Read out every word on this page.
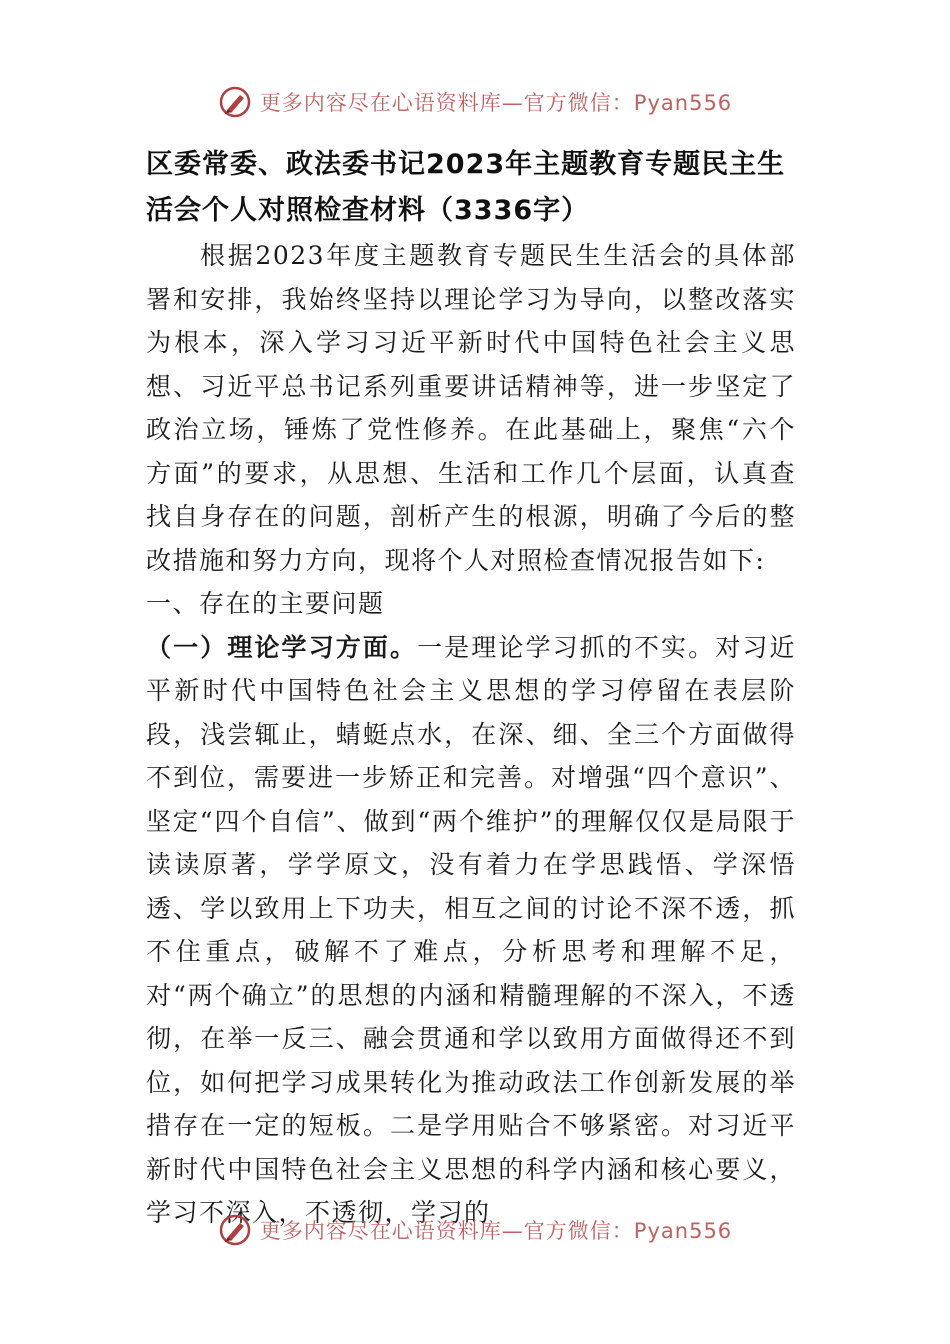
更多内容尽在心语资料库—官方微信：Pyan556
区委常委、政法委书记2023年主题教育专题民主生活会个人对照检查材料（3336字）

根据2023年度主题教育专题民生生活会的具体部署和安排，我始终坚持以理论学习为导向，以整改落实为根本，深入学习习近平新时代中国特色社会主义思想、习近平总书记系列重要讲话精神等，进一步坚定了政治立场，锤炼了党性修养。在此基础上，聚焦“六个方面”的要求，从思想、生活和工作几个层面，认真查找自身存在的问题，剖析产生的根源，明确了今后的整改措施和努力方向，现将个人对照检查情况报告如下:

一、存在的主要问题

（一）理论学习方面。一是理论学习抓的不实。对习近平新时代中国特色社会主义思想的学习停留在表层阶段，浅尝辄止，蜻蜓点水，在深、细、全三个方面做得不到位，需要进一步矫正和完善。对增强“四个意识”、坚定“四个自信”、做到“两个维护”的理解仅仅是局限于读读原著，学学原文，没有着力在学思践悟、学深悟透、学以致用上下功夫，相互之间的讨论不深不透，抓不住重点，破解不了难点，分析思考和理解不足，对“两个确立”的思想的内涵和精髓理解的不深入，不透彻，在举一反三、融会贯通和学以致用方面做得还不到位，如何把学习成果转化为推动政法工作创新发展的举措存在一定的短板。二是学用贴合不够紧密。对习近平新时代中国特色社会主义思想的科学内涵和核心要义，学习不深入，不透彻，学习的

更多内容尽在心语资料库—官方微信：Pyan556
